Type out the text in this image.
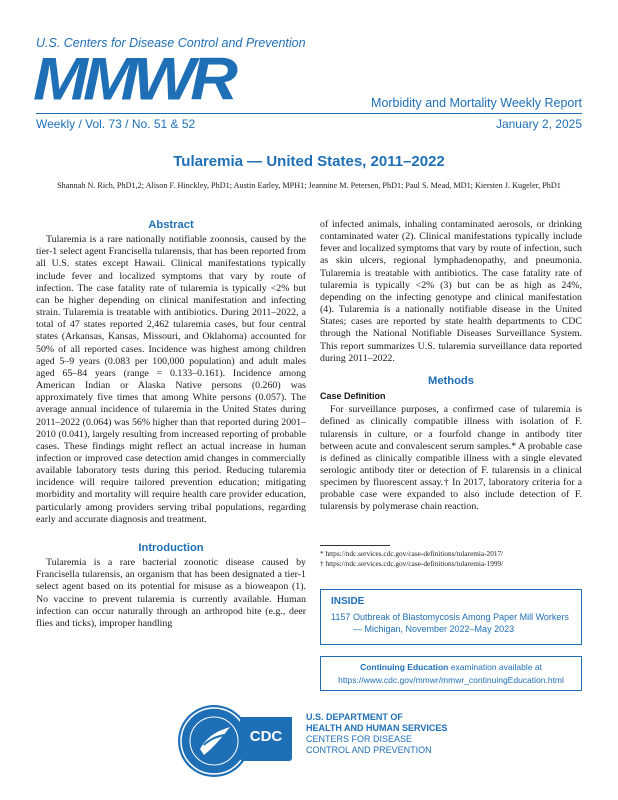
U.S. Centers for Disease Control and Prevention
MMWR	Morbidity and Mortality Weekly Report
Weekly / Vol. 73 / No. 51 & 52	January 2, 2025
Tularemia — United States, 2011–2022
Shannah N. Rich, PhD1,2; Alison F. Hinckley, PhD1; Austin Earley, MPH1; Jeannine M. Petersen, PhD1; Paul S. Mead, MD1; Kiersten J. Kugeler, PhD1
Abstract

Tularemia is a rare nationally notifiable zoonosis, caused by the tier-1 select agent Francisella tularensis, that has been reported from all U.S. states except Hawaii. Clinical manifestations typically include fever and localized symptoms that vary by route of infection. The case fatality rate of tularemia is typically <2% but can be higher depending on clinical manifestation and infecting strain. Tularemia is treatable with antibiotics. During 2011–2022, a total of 47 states reported 2,462 tularemia cases, but four central states (Arkansas, Kansas, Missouri, and Oklahoma) accounted for 50% of all reported cases. Incidence was highest among children aged 5–9 years (0.083 per 100,000 population) and adult males aged 65–84 years (range = 0.133–0.161). Incidence among American Indian or Alaska Native persons (0.260) was approximately five times that among White persons (0.057). The average annual incidence of tularemia in the United States during 2011–2022 (0.064) was 56% higher than that reported during 2001–2010 (0.041), largely resulting from increased reporting of probable cases. These findings might reflect an actual increase in human infection or improved case detection amid changes in commercially available laboratory tests during this period. Reducing tularemia incidence will require tailored prevention education; mitigating morbidity and mortality will require health care provider education, particularly among providers serving tribal populations, regarding early and accurate diagnosis and treatment.

Introduction

Tularemia is a rare bacterial zoonotic disease caused by Francisella tularensis, an organism that has been designated a tier-1 select agent based on its potential for misuse as a bioweapon (1). No vaccine to prevent tularemia is currently available. Human infection can occur naturally through an arthropod bite (e.g., deer flies and ticks), improper handling

of infected animals, inhaling contaminated aerosols, or drinking contaminated water (2). Clinical manifestations typically include fever and localized symptoms that vary by route of infection, such as skin ulcers, regional lymphadenopathy, and pneumonia. Tularemia is treatable with antibiotics. The case fatality rate of tularemia is typically <2% (3) but can be as high as 24%, depending on the infecting genotype and clinical manifestation (4). Tularemia is a nationally notifiable disease in the United States; cases are reported by state health departments to CDC through the National Notifiable Diseases Surveillance System. This report summarizes U.S. tularemia surveillance data reported during 2011–2022.

Methods
Case Definition

For surveillance purposes, a confirmed case of tularemia is defined as clinically compatible illness with isolation of F. tularensis in culture, or a fourfold change in antibody titer between acute and convalescent serum samples.* A probable case is defined as clinically compatible illness with a single elevated serologic antibody titer or detection of F. tularensis in a clinical specimen by fluorescent assay.† In 2017, laboratory criteria for a probable case were expanded to also include detection of F. tularensis by polymerase chain reaction.

* https://ndc.services.cdc.gov/case-definitions/tularemia-2017/
† https://ndc.services.cdc.gov/case-definitions/tularemia-1999/
INSIDE
1157 Outbreak of Blastomycosis Among Paper Mill Workers — Michigan, November 2022–May 2023
Continuing Education examination available at
https://www.cdc.gov/mmwr/mmwr_continuingEducation.html
CDC
U.S. DEPARTMENT OF
HEALTH AND HUMAN SERVICES
CENTERS FOR DISEASE
CONTROL AND PREVENTION
